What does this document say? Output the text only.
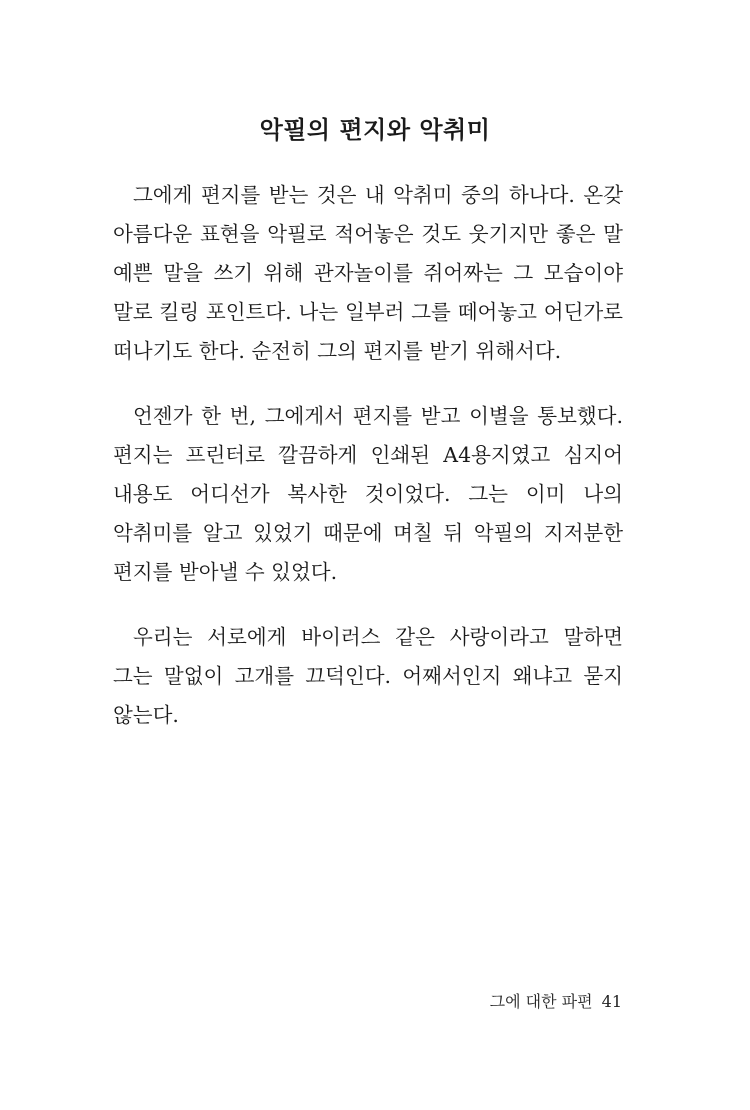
악필의 편지와 악취미

그에게 편지를 받는 것은 내 악취미 중의 하나다. 온갖 아름다운 표현을 악필로 적어놓은 것도 웃기지만 좋은 말 예쁜 말을 쓰기 위해 관자놀이를 쥐어짜는 그 모습이야 말로 킬링 포인트다. 나는 일부러 그를 떼어놓고 어딘가로 떠나기도 한다. 순전히 그의 편지를 받기 위해서다.

언젠가 한 번, 그에게서 편지를 받고 이별을 통보했다. 편지는 프린터로 깔끔하게 인쇄된 A4용지였고 심지어 내용도 어디선가 복사한 것이었다. 그는 이미 나의 악취미를 알고 있었기 때문에 며칠 뒤 악필의 지저분한 편지를 받아낼 수 있었다.

우리는 서로에게 바이러스 같은 사랑이라고 말하면 그는 말없이 고개를 끄덕인다. 어째서인지 왜냐고 묻지 않는다.

그에 대한 파편 41
